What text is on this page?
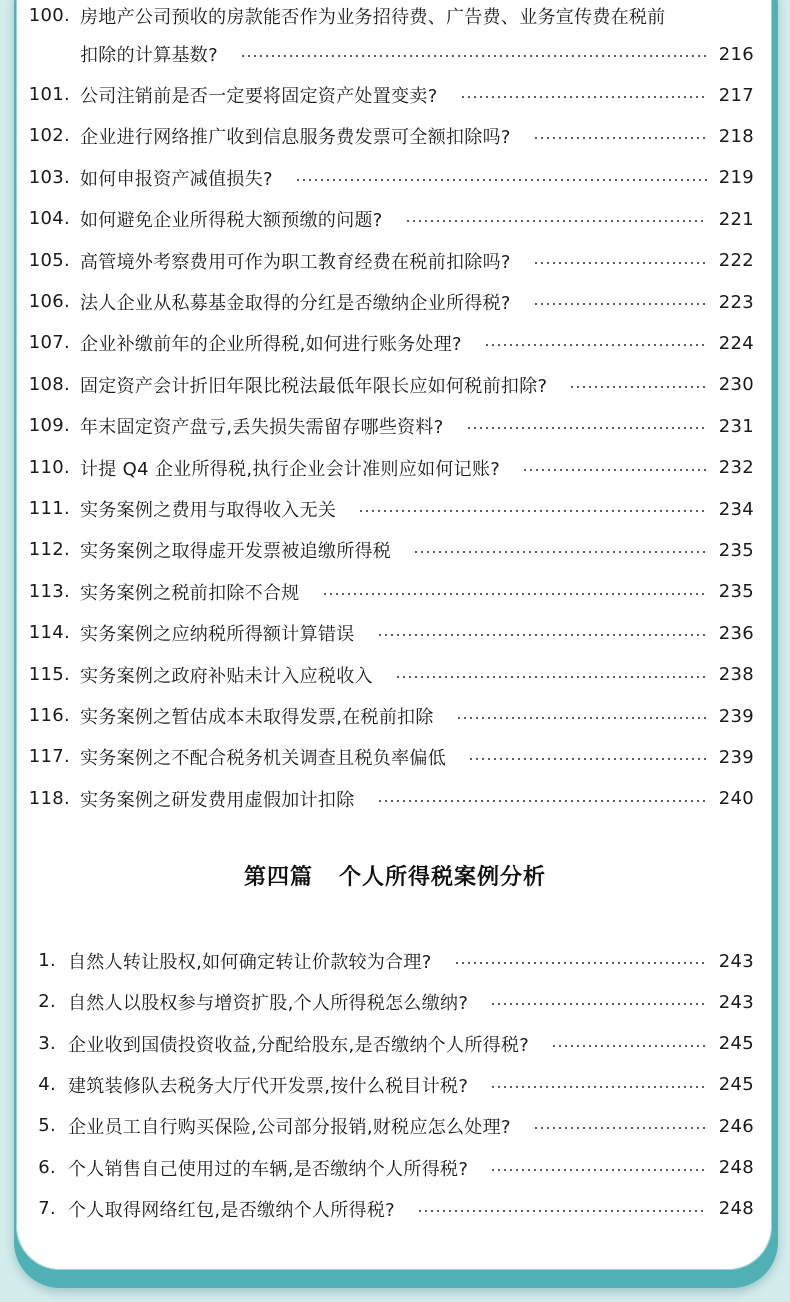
100. 房地产公司预收的房款能否作为业务招待费、广告费、业务宣传费在税前
扣除的计算基数?	216
101. 公司注销前是否一定要将固定资产处置变卖?	217
102. 企业进行网络推广收到信息服务费发票可全额扣除吗?	218
103. 如何申报资产减值损失?	219
104. 如何避免企业所得税大额预缴的问题?	221
105. 高管境外考察费用可作为职工教育经费在税前扣除吗?	222
106. 法人企业从私募基金取得的分红是否缴纳企业所得税?	223
107. 企业补缴前年的企业所得税,如何进行账务处理?	224
108. 固定资产会计折旧年限比税法最低年限长应如何税前扣除?	230
109. 年末固定资产盘亏,丢失损失需留存哪些资料?	231
110. 计提 Q4 企业所得税,执行企业会计准则应如何记账?	232
111. 实务案例之费用与取得收入无关	234
112. 实务案例之取得虚开发票被追缴所得税	235
113. 实务案例之税前扣除不合规	235
114. 实务案例之应纳税所得额计算错误	236
115. 实务案例之政府补贴未计入应税收入	238
116. 实务案例之暂估成本未取得发票,在税前扣除	239
117. 实务案例之不配合税务机关调查且税负率偏低	239
118. 实务案例之研发费用虚假加计扣除	240
第四篇 个人所得税案例分析
1. 自然人转让股权,如何确定转让价款较为合理?	243
2. 自然人以股权参与增资扩股,个人所得税怎么缴纳?	243
3. 企业收到国债投资收益,分配给股东,是否缴纳个人所得税?	245
4. 建筑装修队去税务大厅代开发票,按什么税目计税?	245
5. 企业员工自行购买保险,公司部分报销,财税应怎么处理?	246
6. 个人销售自己使用过的车辆,是否缴纳个人所得税?	248
7. 个人取得网络红包,是否缴纳个人所得税?	248
